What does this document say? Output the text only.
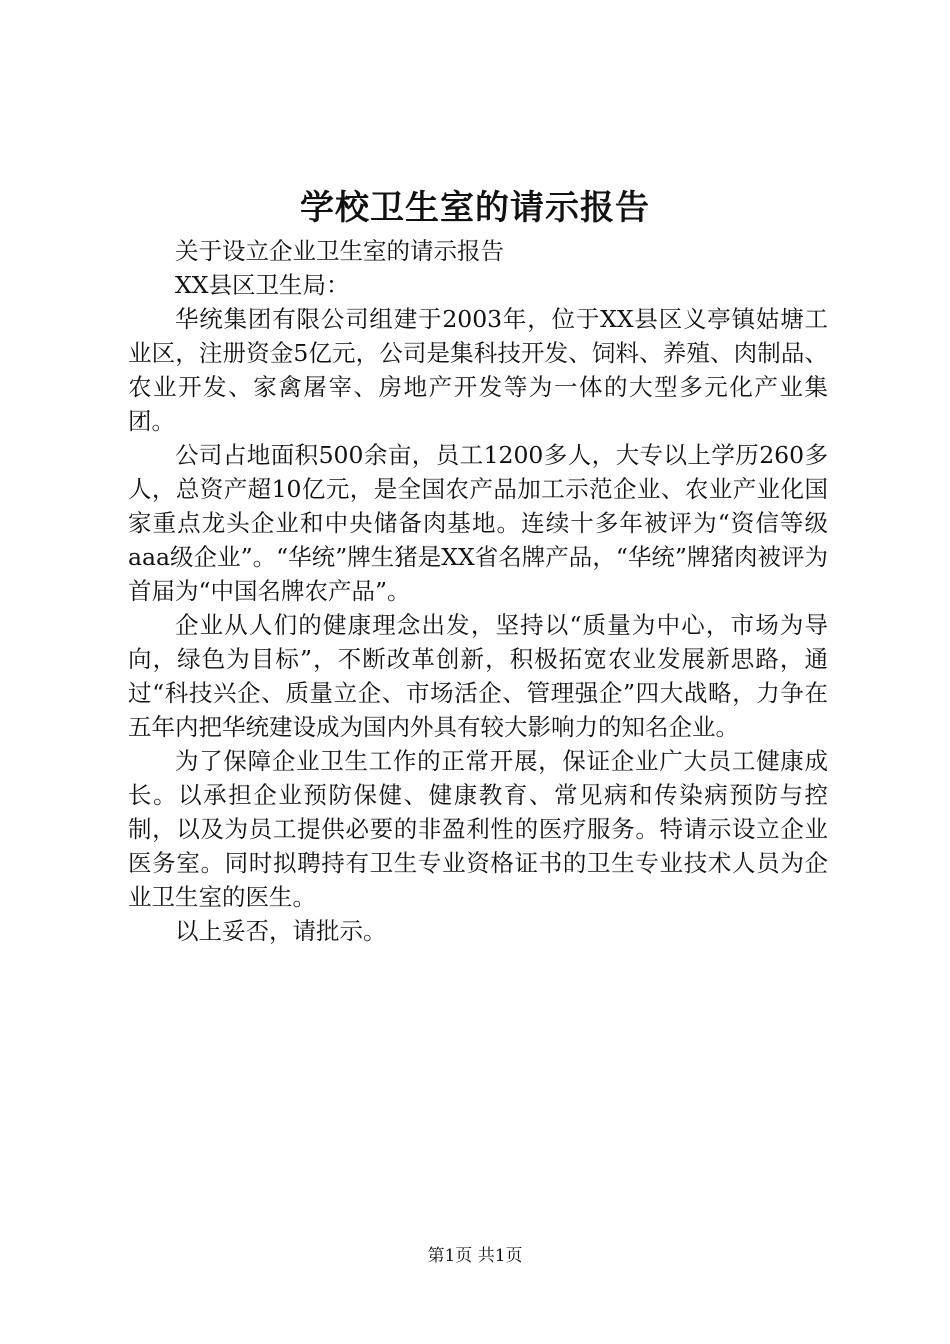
学校卫生室的请示报告

关于设立企业卫生室的请示报告

XX县区卫生局：

华统集团有限公司组建于2003年，位于XX县区义亭镇姑塘工业区，注册资金5亿元，公司是集科技开发、饲料、养殖、肉制品、农业开发、家禽屠宰、房地产开发等为一体的大型多元化产业集团。

公司占地面积500余亩，员工1200多人，大专以上学历260多人，总资产超10亿元，是全国农产品加工示范企业、农业产业化国家重点龙头企业和中央储备肉基地。连续十多年被评为“资信等级aaa级企业”。“华统”牌生猪是XX省名牌产品，“华统”牌猪肉被评为首届为“中国名牌农产品”。

企业从人们的健康理念出发，坚持以“质量为中心，市场为导向，绿色为目标”，不断改革创新，积极拓宽农业发展新思路，通过“科技兴企、质量立企、市场活企、管理强企”四大战略，力争在五年内把华统建设成为国内外具有较大影响力的知名企业。

为了保障企业卫生工作的正常开展，保证企业广大员工健康成长。以承担企业预防保健、健康教育、常见病和传染病预防与控制，以及为员工提供必要的非盈利性的医疗服务。特请示设立企业医务室。同时拟聘持有卫生专业资格证书的卫生专业技术人员为企业卫生室的医生。

以上妥否，请批示。

第1页 共1页
